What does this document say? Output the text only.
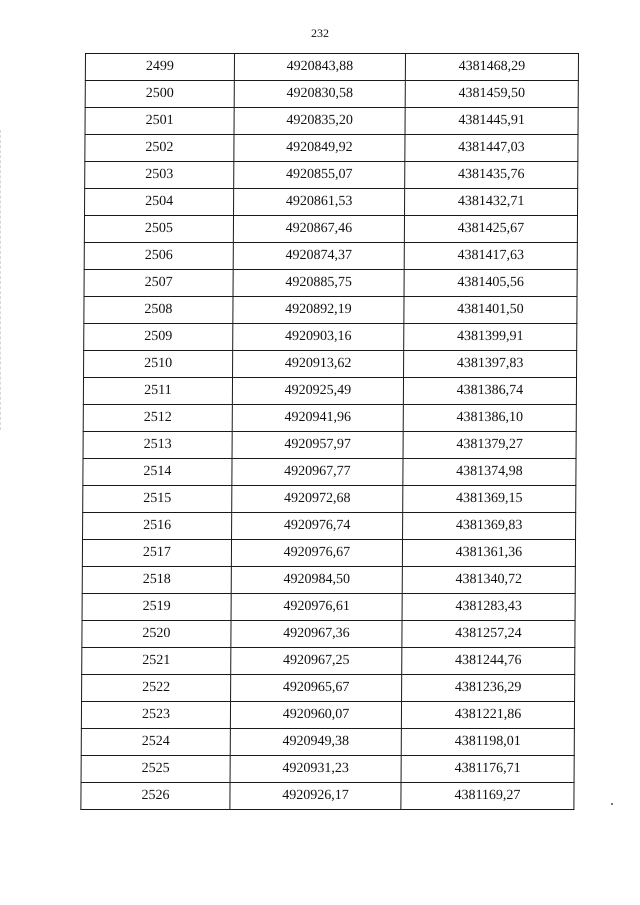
232
2499	4920843,88	4381468,29
2500	4920830,58	4381459,50
2501	4920835,20	4381445,91
2502	4920849,92	4381447,03
2503	4920855,07	4381435,76
2504	4920861,53	4381432,71
2505	4920867,46	4381425,67
2506	4920874,37	4381417,63
2507	4920885,75	4381405,56
2508	4920892,19	4381401,50
2509	4920903,16	4381399,91
2510	4920913,62	4381397,83
2511	4920925,49	4381386,74
2512	4920941,96	4381386,10
2513	4920957,97	4381379,27
2514	4920967,77	4381374,98
2515	4920972,68	4381369,15
2516	4920976,74	4381369,83
2517	4920976,67	4381361,36
2518	4920984,50	4381340,72
2519	4920976,61	4381283,43
2520	4920967,36	4381257,24
2521	4920967,25	4381244,76
2522	4920965,67	4381236,29
2523	4920960,07	4381221,86
2524	4920949,38	4381198,01
2525	4920931,23	4381176,71
2526	4920926,17	4381169,27
